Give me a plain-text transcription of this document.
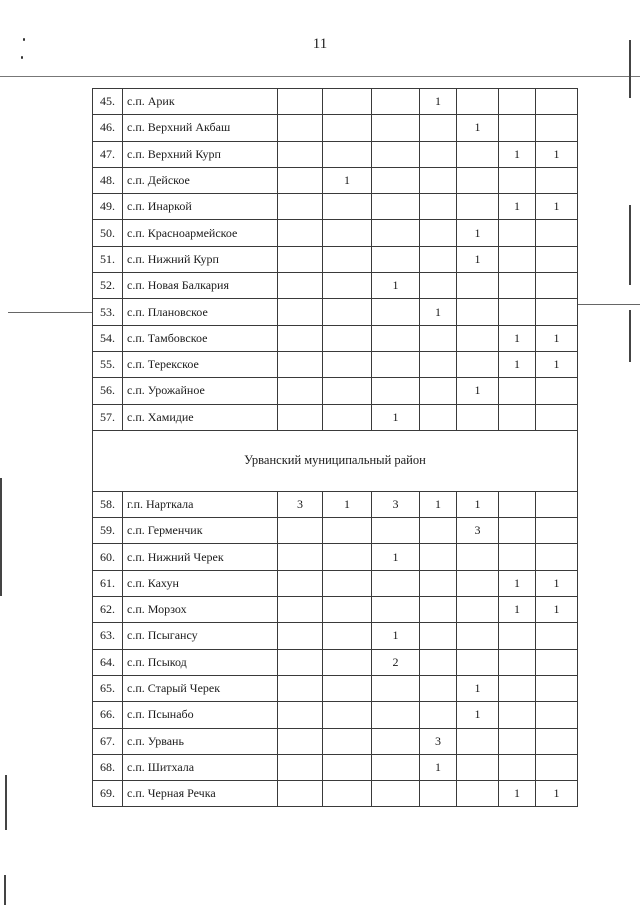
11
45.	с.п. Арик				1			
46.	с.п. Верхний Акбаш					1		
47.	с.п. Верхний Курп						1	1
48.	с.п. Дейское		1					
49.	с.п. Инаркой						1	1
50.	с.п. Красноармейское					1		
51.	с.п. Нижний Курп					1		
52.	с.п. Новая Балкария			1				
53.	с.п. Плановское				1			
54.	с.п. Тамбовское						1	1
55.	с.п. Терекское						1	1
56.	с.п. Урожайное					1		
57.	с.п. Хамидие			1				
Урванский муниципальный район								
58.	г.п. Нарткала	3	1	3	1	1		
59.	с.п. Герменчик					3		
60.	с.п. Нижний Черек			1				
61.	с.п. Кахун						1	1
62.	с.п. Морзох						1	1
63.	с.п. Псыгансу			1				
64.	с.п. Псыкод			2				
65.	с.п. Старый Черек					1		
66.	с.п. Псынабо					1		
67.	с.п. Урвань				3			
68.	с.п. Шитхала				1			
69.	с.п. Черная Речка						1	1
